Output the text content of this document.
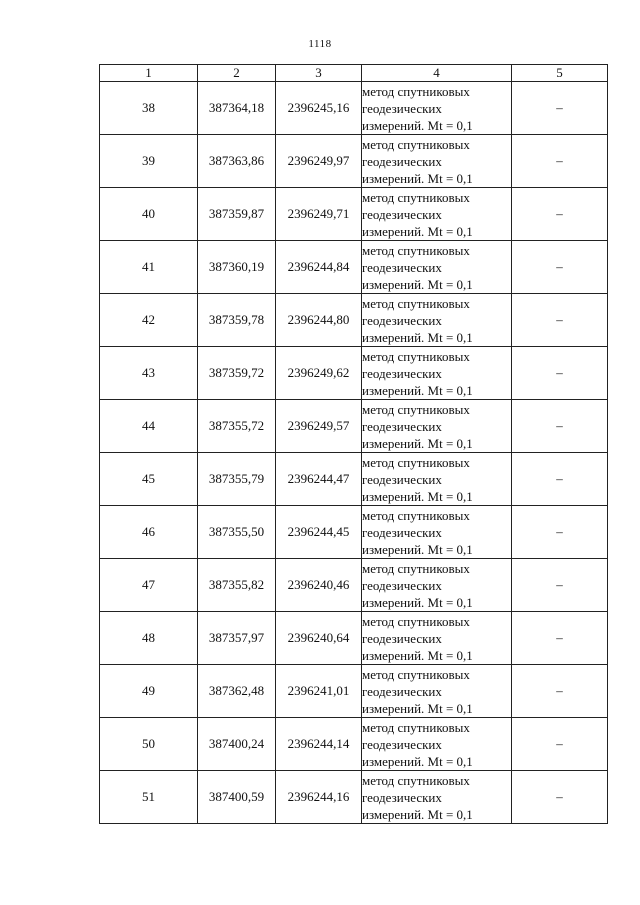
1118
1	2	3	4	5
38	387364,18	2396245,16	метод спутниковых
геодезических
измерений. Mt = 0,1	–
39	387363,86	2396249,97	метод спутниковых
геодезических
измерений. Mt = 0,1	–
40	387359,87	2396249,71	метод спутниковых
геодезических
измерений. Mt = 0,1	–
41	387360,19	2396244,84	метод спутниковых
геодезических
измерений. Mt = 0,1	–
42	387359,78	2396244,80	метод спутниковых
геодезических
измерений. Mt = 0,1	–
43	387359,72	2396249,62	метод спутниковых
геодезических
измерений. Mt = 0,1	–
44	387355,72	2396249,57	метод спутниковых
геодезических
измерений. Mt = 0,1	–
45	387355,79	2396244,47	метод спутниковых
геодезических
измерений. Mt = 0,1	–
46	387355,50	2396244,45	метод спутниковых
геодезических
измерений. Mt = 0,1	–
47	387355,82	2396240,46	метод спутниковых
геодезических
измерений. Mt = 0,1	–
48	387357,97	2396240,64	метод спутниковых
геодезических
измерений. Mt = 0,1	–
49	387362,48	2396241,01	метод спутниковых
геодезических
измерений. Mt = 0,1	–
50	387400,24	2396244,14	метод спутниковых
геодезических
измерений. Mt = 0,1	–
51	387400,59	2396244,16	метод спутниковых
геодезических
измерений. Mt = 0,1	–
